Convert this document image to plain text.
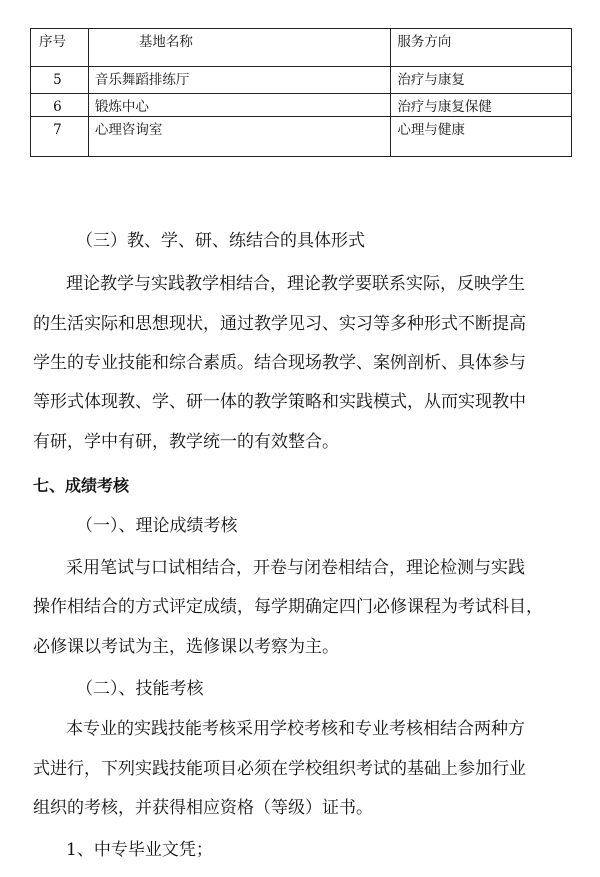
序号	基地名称	服务方向
5	音乐舞蹈排练厅	治疗与康复
6	锻炼中心	治疗与康复保健
7	心理咨询室	心理与健康

（三）教、学、研、练结合的具体形式

理论教学与实践教学相结合，理论教学要联系实际，反映学生

的生活实际和思想现状，通过教学见习、实习等多种形式不断提高

学生的专业技能和综合素质。结合现场教学、案例剖析、具体参与

等形式体现教、学、研一体的教学策略和实践模式，从而实现教中

有研，学中有研，教学统一的有效整合。

七、成绩考核

（一）、理论成绩考核

采用笔试与口试相结合，开卷与闭卷相结合，理论检测与实践

操作相结合的方式评定成绩，每学期确定四门必修课程为考试科目，

必修课以考试为主，选修课以考察为主。

（二）、技能考核

本专业的实践技能考核采用学校考核和专业考核相结合两种方

式进行，下列实践技能项目必须在学校组织考试的基础上参加行业

组织的考核，并获得相应资格（等级）证书。

1、中专毕业文凭；
